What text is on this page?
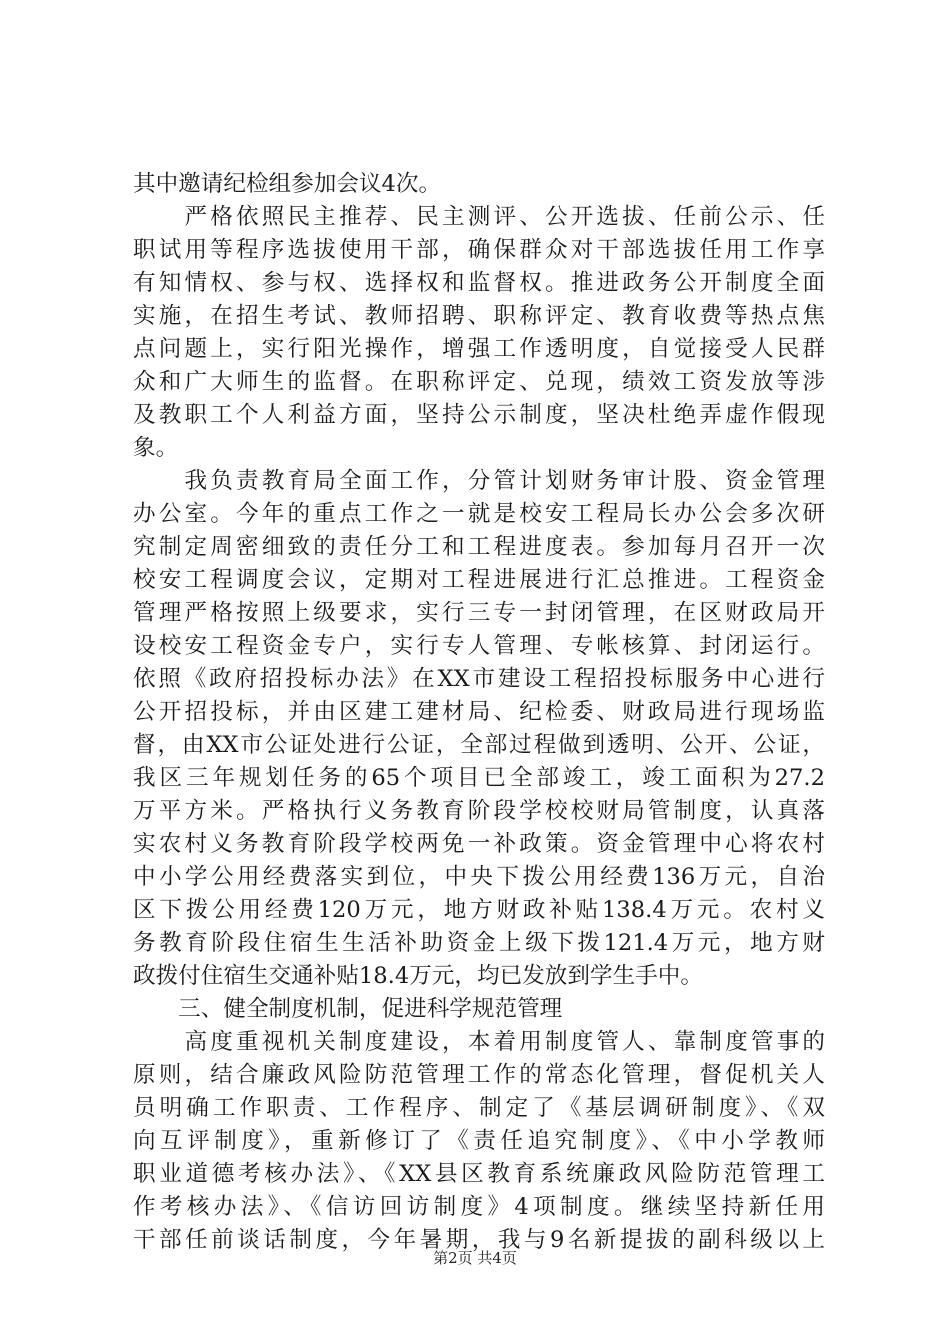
其中邀请纪检组参加会议4次。
　　严格依照民主推荐、民主测评、公开选拔、任前公示、任
职试用等程序选拔使用干部，确保群众对干部选拔任用工作享
有知情权、参与权、选择权和监督权。推进政务公开制度全面
实施，在招生考试、教师招聘、职称评定、教育收费等热点焦
点问题上，实行阳光操作，增强工作透明度，自觉接受人民群
众和广大师生的监督。在职称评定、兑现，绩效工资发放等涉
及教职工个人利益方面，坚持公示制度，坚决杜绝弄虚作假现
象。
　　我负责教育局全面工作，分管计划财务审计股、资金管理
办公室。今年的重点工作之一就是校安工程局长办公会多次研
究制定周密细致的责任分工和工程进度表。参加每月召开一次
校安工程调度会议，定期对工程进展进行汇总推进。工程资金
管理严格按照上级要求，实行三专一封闭管理，在区财政局开
设校安工程资金专户，实行专人管理、专帐核算、封闭运行。
依照《政府招投标办法》在XX市建设工程招投标服务中心进行
公开招投标，并由区建工建材局、纪检委、财政局进行现场监
督，由XX市公证处进行公证，全部过程做到透明、公开、公证，
我区三年规划任务的65个项目已全部竣工，竣工面积为27.2
万平方米。严格执行义务教育阶段学校校财局管制度，认真落
实农村义务教育阶段学校两免一补政策。资金管理中心将农村
中小学公用经费落实到位，中央下拨公用经费136万元，自治
区下拨公用经费120万元，地方财政补贴138.4万元。农村义
务教育阶段住宿生生活补助资金上级下拨121.4万元，地方财
政拨付住宿生交通补贴18.4万元，均已发放到学生手中。
　　三、健全制度机制，促进科学规范管理
　　高度重视机关制度建设，本着用制度管人、靠制度管事的
原则，结合廉政风险防范管理工作的常态化管理，督促机关人
员明确工作职责、工作程序、制定了《基层调研制度》、《双
向互评制度》，重新修订了《责任追究制度》、《中小学教师
职业道德考核办法》、《XX县区教育系统廉政风险防范管理工
作考核办法》、《信访回访制度》4项制度。继续坚持新任用
干部任前谈话制度，今年暑期，我与9名新提拔的副科级以上
第2页 共4页
